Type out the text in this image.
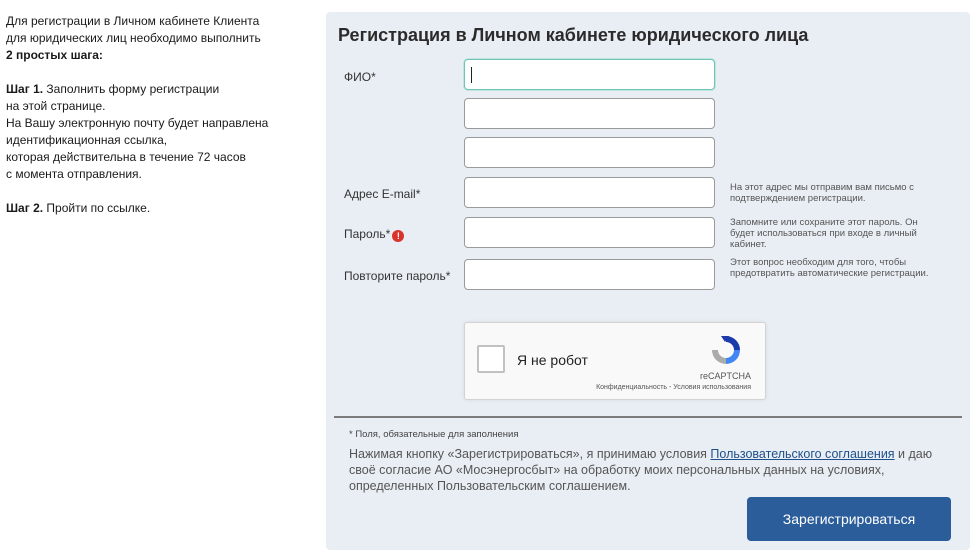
Для регистрации в Личном кабинете Клиента
для юридических лиц необходимо выполнить
2 простых шага:
Шаг 1. Заполнить форму регистрации
на этой странице.
На Вашу электронную почту будет направлена
идентификационная ссылка,
которая действительна в течение 72 часов
с момента отправления.
Шаг 2. Пройти по ссылке.
Регистрация в Личном кабинете юридического лица
ФИО*
Адрес E-mail*	На этот адрес мы отправим вам письмо с подтверждением регистрации.
Пароль* !
Запомните или сохраните этот пароль. Он будет использоваться при входе в личный кабинет.
Повторите пароль*
Этот вопрос необходим для того, чтобы предотвратить автоматические регистрации.
Я не робот
reCAPTCHA
Конфиденциальность - Условия использования
* Поля, обязательные для заполнения
Нажимая кнопку «Зарегистрироваться», я принимаю условия Пользовательского соглашения и даю своё согласие АО «Мосэнергосбыт» на обработку моих персональных данных на условиях, определенных Пользовательским соглашением.
Зарегистрироваться
